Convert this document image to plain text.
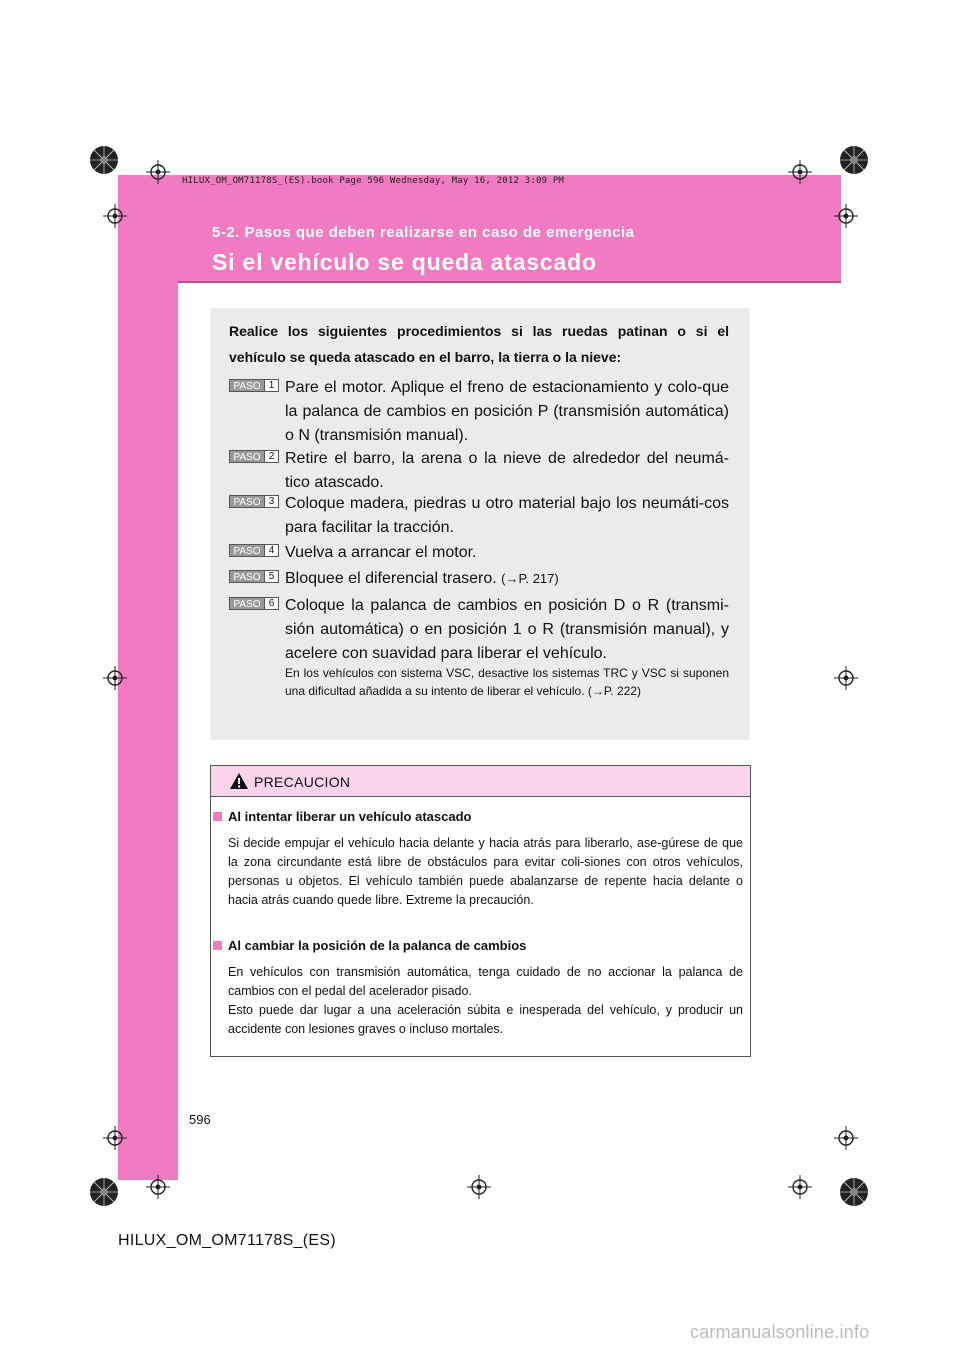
HILUX_OM_OM71178S_(ES).book Page 596 Wednesday, May 16, 2012 3:09 PM
5-2. Pasos que deben realizarse en caso de emergencia
Si el vehículo se queda atascado
Realice los siguientes procedimientos si las ruedas patinan o si el vehículo se queda atascado en el barro, la tierra o la nieve:
PASO 1 Pare el motor. Aplique el freno de estacionamiento y colo-que la palanca de cambios en posición P (transmisión automática) o N (transmisión manual).
PASO 2 Retire el barro, la arena o la nieve de alrededor del neumá-tico atascado.
PASO 3 Coloque madera, piedras u otro material bajo los neumáti-cos para facilitar la tracción.
PASO 4 Vuelva a arrancar el motor.
PASO 5 Bloquee el diferencial trasero. (→P. 217)
PASO 6 Coloque la palanca de cambios en posición D o R (transmi-sión automática) o en posición 1 o R (transmisión manual), y acelere con suavidad para liberar el vehículo.
En los vehículos con sistema VSC, desactive los sistemas TRC y VSC si suponen una dificultad añadida a su intento de liberar el vehículo. (→P. 222)
PRECAUCION
Al intentar liberar un vehículo atascado
Si decide empujar el vehículo hacia delante y hacia atrás para liberarlo, ase-gúrese de que la zona circundante está libre de obstáculos para evitar coli-siones con otros vehículos, personas u objetos. El vehículo también puede abalanzarse de repente hacia delante o hacia atrás cuando quede libre. Extreme la precaución.
Al cambiar la posición de la palanca de cambios
En vehículos con transmisión automática, tenga cuidado de no accionar la palanca de cambios con el pedal del acelerador pisado.
Esto puede dar lugar a una aceleración súbita e inesperada del vehículo, y producir un accidente con lesiones graves o incluso mortales.
596
HILUX_OM_OM71178S_(ES)
carmanualsonline.info
